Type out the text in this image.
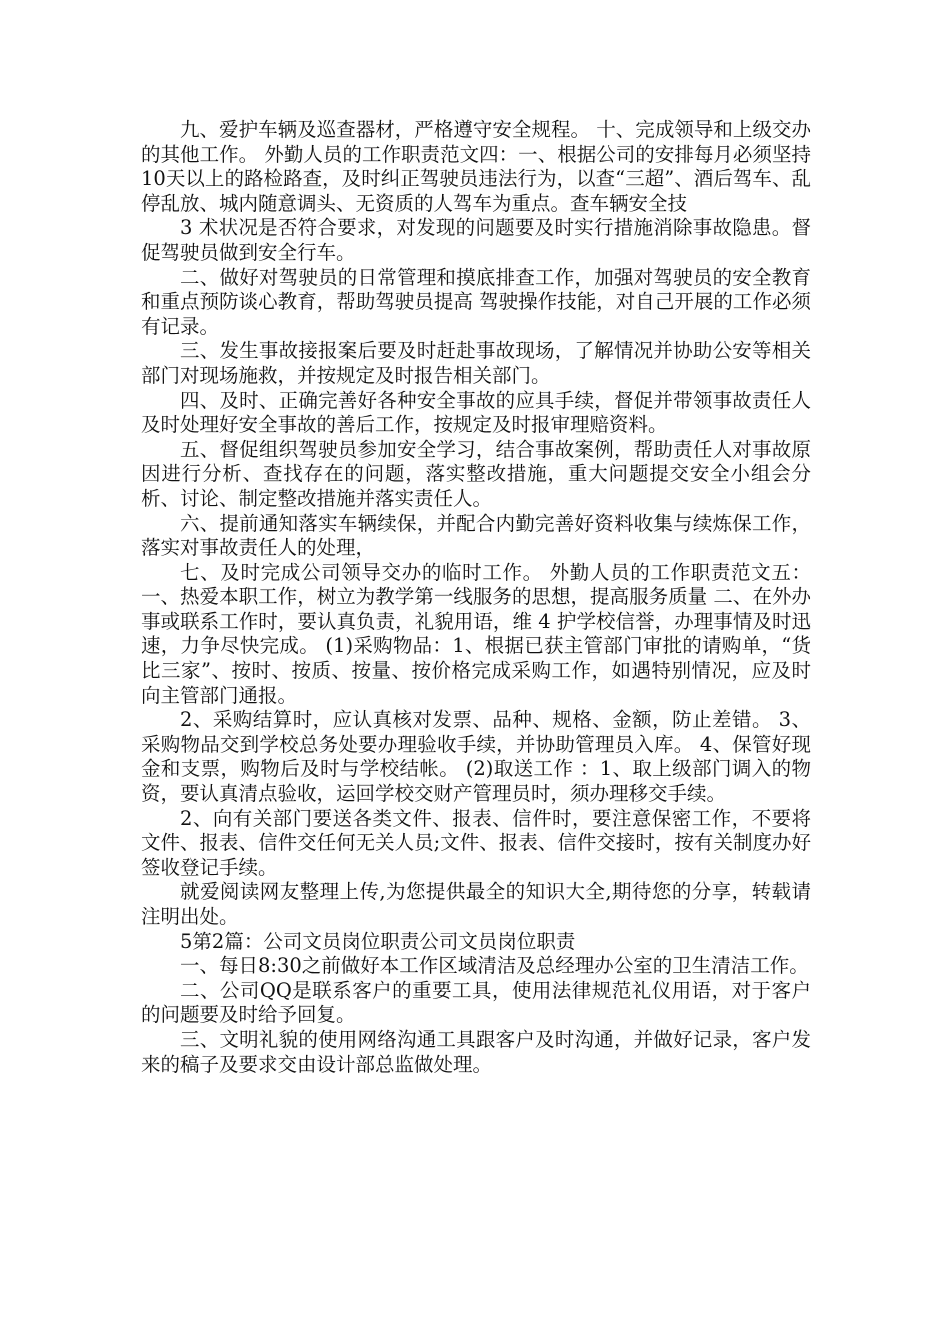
九、爱护车辆及巡查器材，严格遵守安全规程。 十、完成领导和上级交办的其他工作。 外勤人员的工作职责范文四：一、根据公司的安排每月必须坚持10天以上的路检路查，及时纠正驾驶员违法行为，以查“三超”、酒后驾车、乱停乱放、城内随意调头、无资质的人驾车为重点。查车辆安全技

3 术状况是否符合要求，对发现的问题要及时实行措施消除事故隐患。督促驾驶员做到安全行车。

二、做好对驾驶员的日常管理和摸底排查工作，加强对驾驶员的安全教育和重点预防谈心教育，帮助驾驶员提高 驾驶操作技能，对自己开展的工作必须有记录。

三、发生事故接报案后要及时赶赴事故现场，了解情况并协助公安等相关部门对现场施救，并按规定及时报告相关部门。

四、及时、正确完善好各种安全事故的应具手续，督促并带领事故责任人及时处理好安全事故的善后工作，按规定及时报审理赔资料。

五、督促组织驾驶员参加安全学习，结合事故案例，帮助责任人对事故原因进行分析、查找存在的问题，落实整改措施，重大问题提交安全小组会分析、讨论、制定整改措施并落实责任人。

六、提前通知落实车辆续保，并配合内勤完善好资料收集与续炼保工作，落实对事故责任人的处理，

七、及时完成公司领导交办的临时工作。 外勤人员的工作职责范文五：一、热爱本职工作，树立为教学第一线服务的思想，提高服务质量 二、在外办事或联系工作时，要认真负责，礼貌用语，维 4 护学校信誉，办理事情及时迅速，力争尽快完成。 (1)采购物品：1、根据已获主管部门审批的请购单，“货比三家”、按时、按质、按量、按价格完成采购工作，如遇特别情况，应及时向主管部门通报。

2、采购结算时，应认真核对发票、品种、规格、金额，防止差错。 3、采购物品交到学校总务处要办理验收手续，并协助管理员入库。 4、保管好现金和支票，购物后及时与学校结帐。 (2)取送工作 ：1、取上级部门调入的物资，要认真清点验收，运回学校交财产管理员时，须办理移交手续。

2、向有关部门要送各类文件、报表、信件时，要注意保密工作，不要将文件、报表、信件交任何无关人员;文件、报表、信件交接时，按有关制度办好签收登记手续。

就爱阅读网友整理上传,为您提供最全的知识大全,期待您的分享，转载请注明出处。

5第2篇：公司文员岗位职责公司文员岗位职责

一、每日8:30之前做好本工作区域清洁及总经理办公室的卫生清洁工作。

二、公司QQ是联系客户的重要工具，使用法律规范礼仪用语，对于客户的问题要及时给予回复。

三、文明礼貌的使用网络沟通工具跟客户及时沟通，并做好记录，客户发来的稿子及要求交由设计部总监做处理。
